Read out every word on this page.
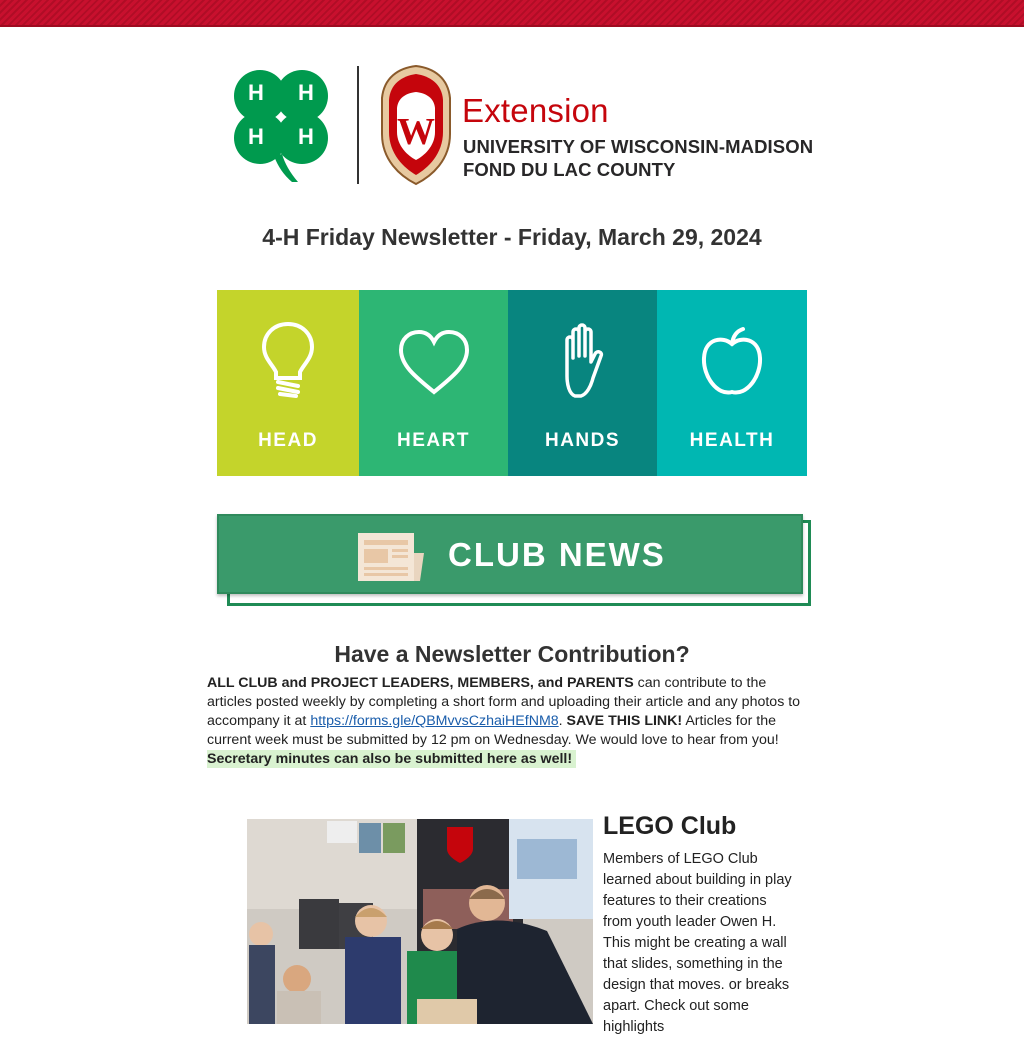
H H
H H W
Extension
UNIVERSITY OF WISCONSIN-MADISON
FOND DU LAC COUNTY
4-H Friday Newsletter - Friday, March 29, 2024
HEAD	HEART	HANDS	HEALTH
CLUB NEWS
Have a Newsletter Contribution?
ALL CLUB and PROJECT LEADERS, MEMBERS, and PARENTS can contribute to the articles posted weekly by completing a short form and uploading their article and any photos to accompany it at https://forms.gle/QBMvvsCzhaiHEfNM8. SAVE THIS LINK! Articles for the current week must be submitted by 12 pm on Wednesday. We would love to hear from you!
Secretary minutes can also be submitted here as well!
LEGO Club
Members of LEGO Club learned about building in play features to their creations from youth leader Owen H. This might be creating a wall that slides, something in the design that moves. or breaks apart. Check out some highlights
